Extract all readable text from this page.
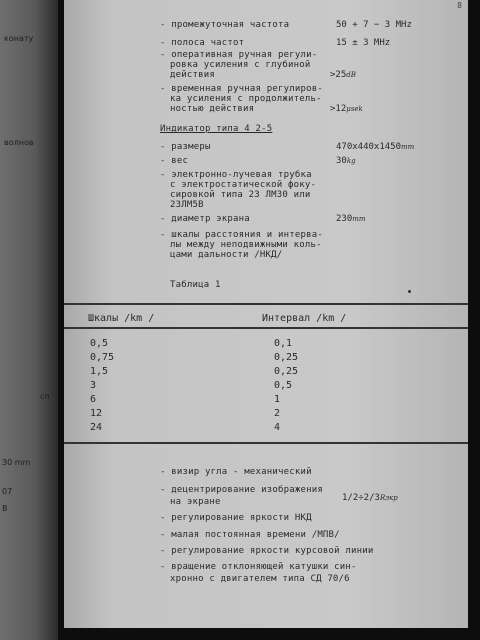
конату
волнов
сп
30 mm
07
В
8
- промежуточная частота	50 + 7 − 3 МНz
- полоса частот	15 ± 3 МНz
- оперативная ручная регули-
ровка усиления с глубиной
действия	>25dB
- временная ручная регулиров-
ка усиления с продолжитель-
ностью действия	>12μsek
Индикатор типа 4 2-5
- размеры	470х440х1450mm
- вес	30kg
- электронно-лучевая трубка
с электростатической фоку-
сировкой типа 23 ЛМ30 или
23ЛМ5В
- диаметр экрана	230mm
- шкалы расстояния и интерва-
лы между неподвижными коль-
цами дальности /НКД/
Таблица 1
Шкалы /km /	Интервал /km /
0,5	0,1
0,75	0,25
1,5	0,25
3	0,5
6	1
12	2
24	4
- визир угла - механический
- децентрирование изображения
на экране	1/2÷2/3Rэкр
- регулирование яркости НКД
- малая постоянная времени /МПВ/
- регулирование яркости курсовой линии
- вращение отклоняющей катушки син-
хронно с двигателем типа СД 70/6
